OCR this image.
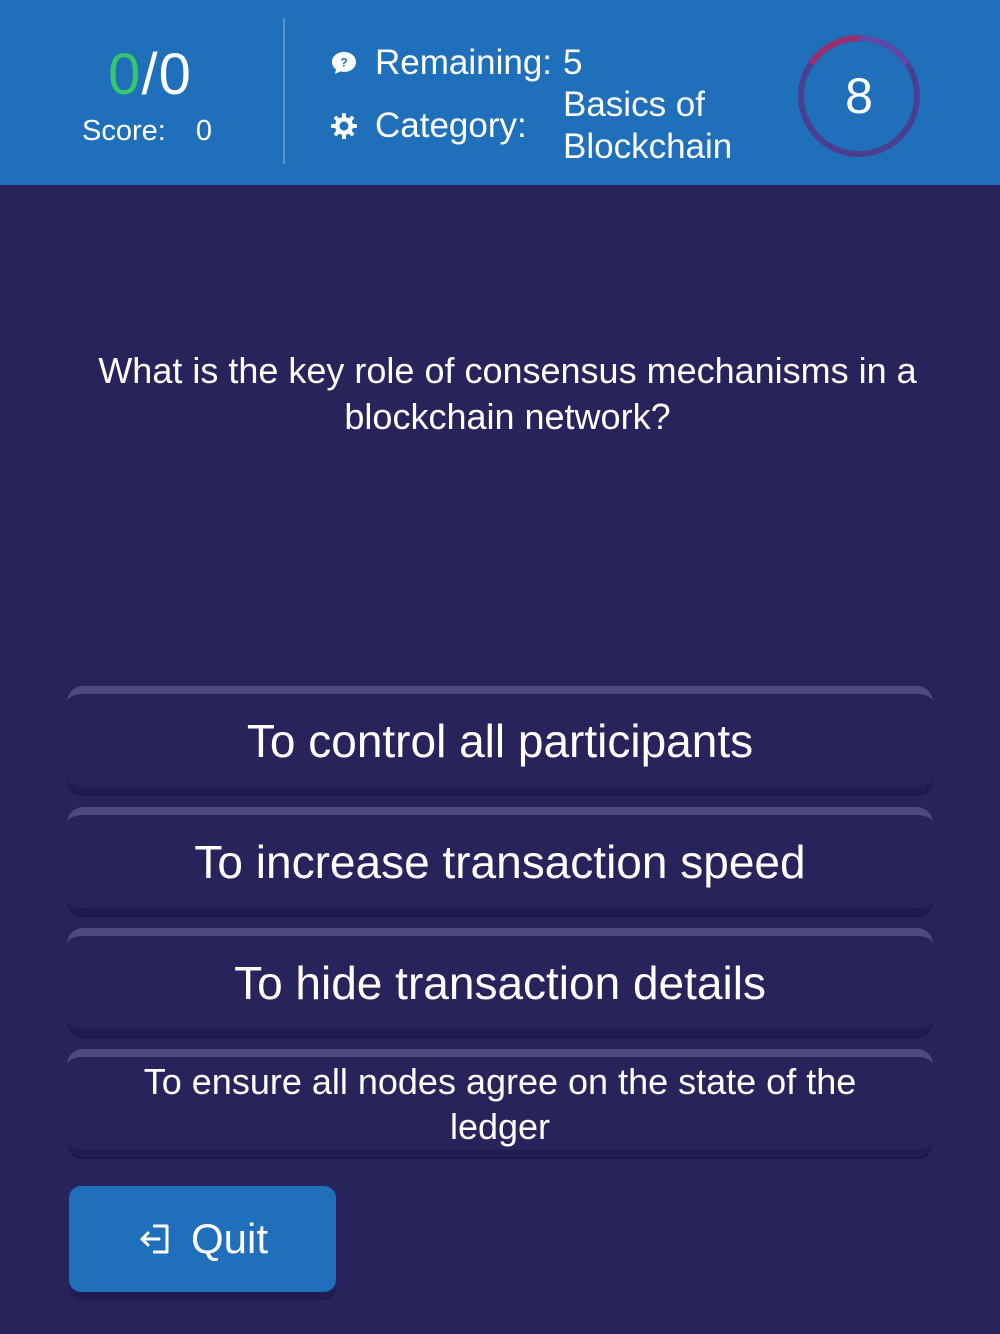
0/0
Score: 0
? Remaining: 5
Category:
Basics of Blockchain
8
What is the key role of consensus mechanisms in a blockchain network?
To control all participants
To increase transaction speed
To hide transaction details
To ensure all nodes agree on the state of the ledger
Quit
